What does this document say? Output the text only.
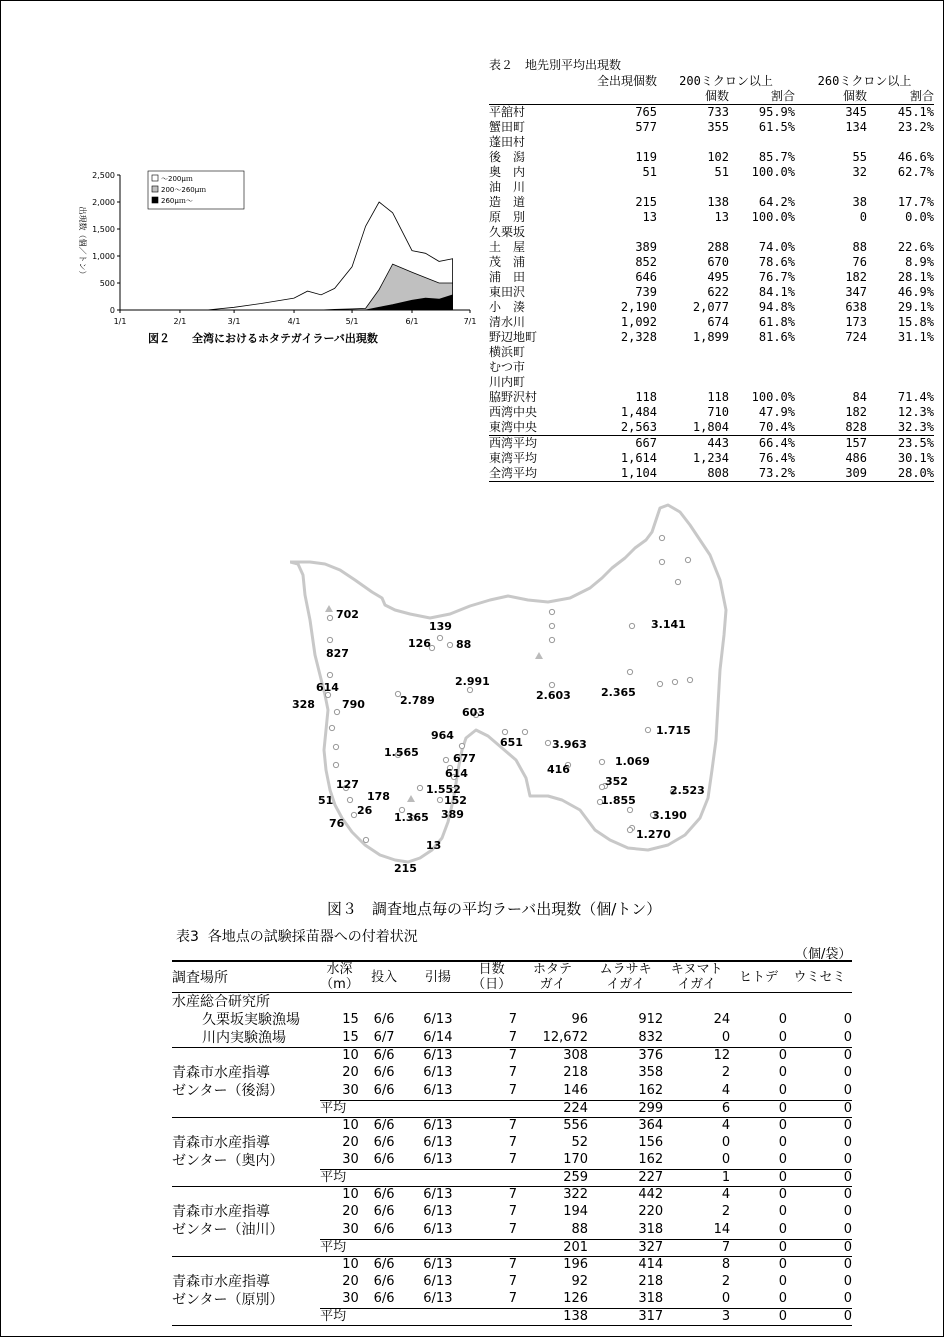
0
500
1,000
1,500
2,000
2,500
1/1	2/1	3/1	4/1	5/1	6/1	7/1
出現数（個／トン）
～200μｍ
200～260μｍ
260μｍ～
図２　　 全湾におけるホタテガイラーバ出現数
表２　地先別平均出現数
	全出現個数	200ミクロン以上		260ミクロン以上	
		個数	割合	個数	割合
平舘村	765	733	95.9%	345	45.1%
蟹田町	577	355	61.5%	134	23.2%
蓬田村					
後　潟	119	102	85.7%	55	46.6%
奥　内	51	51	100.0%	32	62.7%
油　川					
造　道	215	138	64.2%	38	17.7%
原　別	13	13	100.0%	0	0.0%
久栗坂					
土　屋	389	288	74.0%	88	22.6%
茂　浦	852	670	78.6%	76	8.9%
浦　田	646	495	76.7%	182	28.1%
東田沢	739	622	84.1%	347	46.9%
小　湊	2,190	2,077	94.8%	638	29.1%
清水川	1,092	674	61.8%	173	15.8%
野辺地町	2,328	1,899	81.6%	724	31.1%
横浜町					
むつ市					
川内町					
脇野沢村	118	118	100.0%	84	71.4%
西湾中央	1,484	710	47.9%	182	12.3%
東湾中央	2,563	1,804	70.4%	828	32.3%
西湾平均	667	443	66.4%	157	23.5%
東湾平均	1,614	1,234	76.4%	486	30.1%
全湾平均	1,104	808	73.2%	309	28.0%
702
827
139
126 88
3.141
614
328 790	2.789
2.991
2.603	2.365
603
964
651	3.963
1.715
1.565	677	1.069
614	416
127	1.552
352
2.523
51	178	152	1.855
26	389	3.190
76	1.365
1.270
13
215
図３　調査地点毎の平均ラーバ出現数（個/トン）
表3  各地点の試験採苗器への付着状況
（個/袋）
	水深			日数	ホタテ	ムラサキ	キヌマト		
調査場所	（m）	投入	引揚	（日）	ガイ	イガイ	イガイ	ヒトデ	ウミセミ
水産総合研究所									
久栗坂実験漁場	15	6/6	6/13	7	96	912	24	0	0
川内実験漁場	15	6/7	6/14	7	12,672	832	0	0	0
	10	6/6	6/13	7	308	376	12	0	0
青森市水産指導	20	6/6	6/13	7	218	358	2	0	0
ゼンター（後潟）	30	6/6	6/13	7	146	162	4	0	0
	平均				224	299	6	0	0
	10	6/6	6/13	7	556	364	4	0	0
青森市水産指導	20	6/6	6/13	7	52	156	0	0	0
ゼンター（奥内）	30	6/6	6/13	7	170	162	0	0	0
	平均				259	227	1	0	0
	10	6/6	6/13	7	322	442	4	0	0
青森市水産指導	20	6/6	6/13	7	194	220	2	0	0
ゼンター（油川）	30	6/6	6/13	7	88	318	14	0	0
	平均				201	327	7	0	0
	10	6/6	6/13	7	196	414	8	0	0
青森市水産指導	20	6/6	6/13	7	92	218	2	0	0
ゼンター（原別）	30	6/6	6/13	7	126	318	0	0	0
	平均				138	317	3	0	0
